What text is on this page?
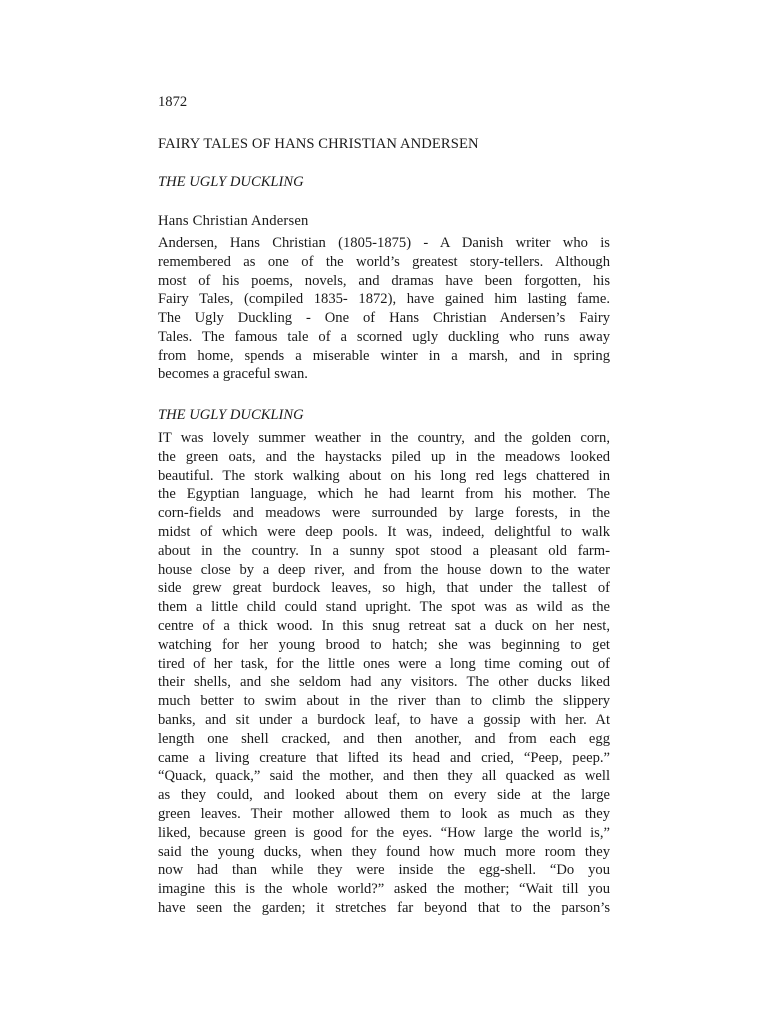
1872

FAIRY TALES OF HANS CHRISTIAN ANDERSEN

THE UGLY DUCKLING

Hans Christian Andersen

Andersen, Hans Christian (1805-1875) - A Danish writer who is
remembered as one of the world’s greatest story-tellers. Although
most of his poems, novels, and dramas have been forgotten, his
Fairy Tales, (compiled 1835- 1872), have gained him lasting fame.
The Ugly Duckling - One of Hans Christian Andersen’s Fairy
Tales. The famous tale of a scorned ugly duckling who runs away
from home, spends a miserable winter in a marsh, and in spring
becomes a graceful swan.

THE UGLY DUCKLING

IT was lovely summer weather in the country, and the golden corn,
the green oats, and the haystacks piled up in the meadows looked
beautiful. The stork walking about on his long red legs chattered in
the Egyptian language, which he had learnt from his mother. The
corn-fields and meadows were surrounded by large forests, in the
midst of which were deep pools. It was, indeed, delightful to walk
about in the country. In a sunny spot stood a pleasant old farm-
house close by a deep river, and from the house down to the water
side grew great burdock leaves, so high, that under the tallest of
them a little child could stand upright. The spot was as wild as the
centre of a thick wood. In this snug retreat sat a duck on her nest,
watching for her young brood to hatch; she was beginning to get
tired of her task, for the little ones were a long time coming out of
their shells, and she seldom had any visitors. The other ducks liked
much better to swim about in the river than to climb the slippery
banks, and sit under a burdock leaf, to have a gossip with her. At
length one shell cracked, and then another, and from each egg
came a living creature that lifted its head and cried, “Peep, peep.”
“Quack, quack,” said the mother, and then they all quacked as well
as they could, and looked about them on every side at the large
green leaves. Their mother allowed them to look as much as they
liked, because green is good for the eyes. “How large the world is,”
said the young ducks, when they found how much more room they
now had than while they were inside the egg-shell. “Do you
imagine this is the whole world?” asked the mother; “Wait till you
have seen the garden; it stretches far beyond that to the parson’s
